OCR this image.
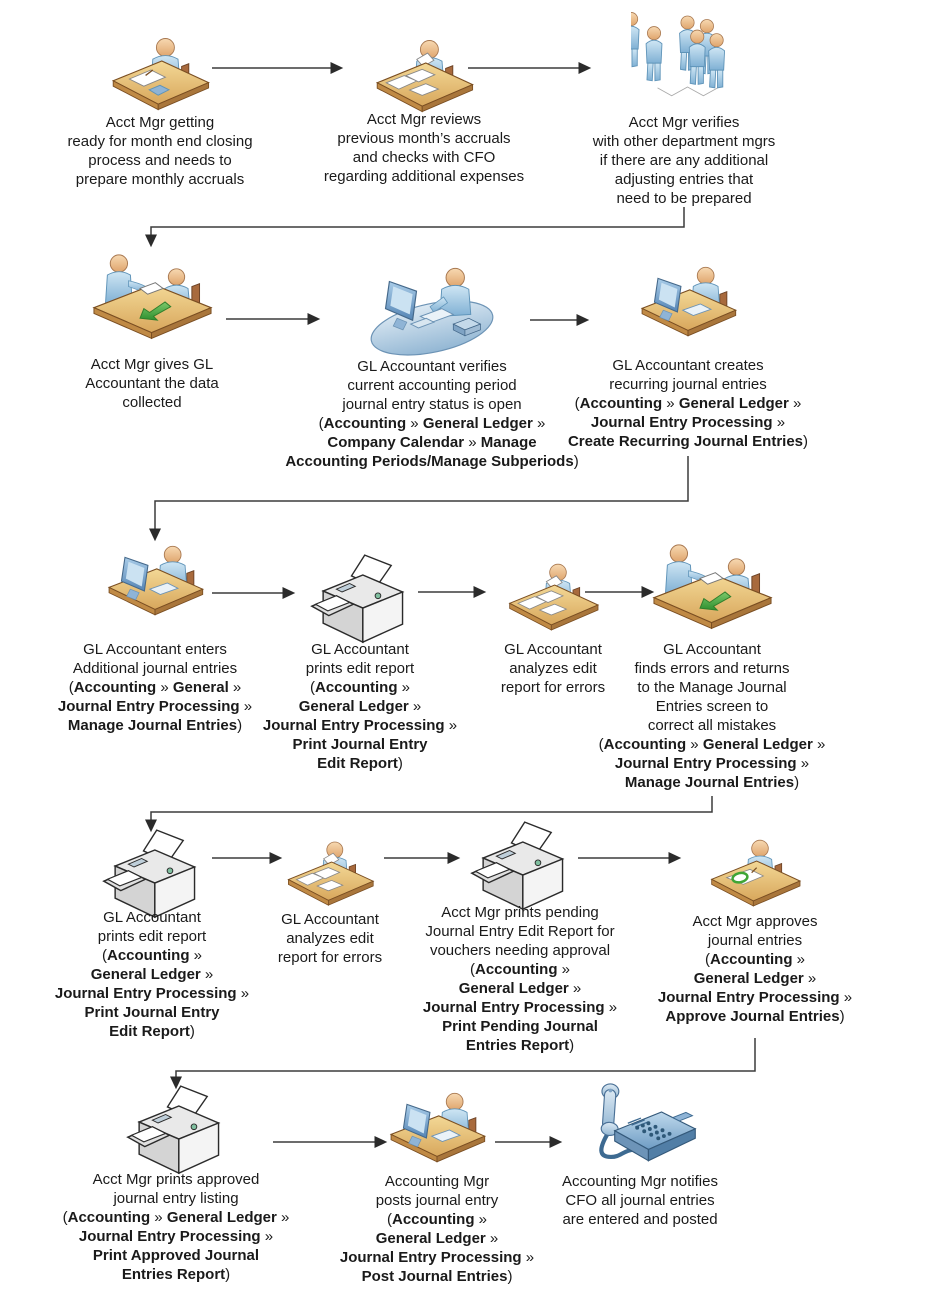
Acct Mgr getting
ready for month end closing
process and needs to
prepare monthly accruals
Acct Mgr reviews
previous month’s accruals
and checks with CFO
regarding additional expenses
Acct Mgr verifies
with other department mgrs
if there are any additional
adjusting entries that
need to be prepared
Acct Mgr gives GL
Accountant the data
collected
GL Accountant verifies
current accounting period
journal entry status is open
(Accounting » General Ledger »
Company Calendar » Manage
Accounting Periods/Manage Subperiods)
GL Accountant creates
recurring journal entries
(Accounting » General Ledger »
Journal Entry Processing »
Create Recurring Journal Entries)
GL Accountant enters
Additional journal entries
(Accounting » General »
Journal Entry Processing »
Manage Journal Entries)
GL Accountant
prints edit report
(Accounting »
General Ledger »
Journal Entry Processing »
Print Journal Entry
Edit Report)
GL Accountant
analyzes edit
report for errors
GL Accountant
finds errors and returns
to the Manage Journal
Entries screen to
correct all mistakes
(Accounting » General Ledger »
Journal Entry Processing »
Manage Journal Entries)
GL Accountant
prints edit report
(Accounting »
General Ledger »
Journal Entry Processing »
Print Journal Entry
Edit Report)
GL Accountant
analyzes edit
report for errors
Acct Mgr prints pending
Journal Entry Edit Report for
vouchers needing approval
(Accounting »
General Ledger »
Journal Entry Processing »
Print Pending Journal
Entries Report)
Acct Mgr approves
journal entries
(Accounting »
General Ledger »
Journal Entry Processing »
Approve Journal Entries)
Acct Mgr prints approved
journal entry listing
(Accounting » General Ledger »
Journal Entry Processing »
Print Approved Journal
Entries Report)
Accounting Mgr
posts journal entry
(Accounting »
General Ledger »
Journal Entry Processing »
Post Journal Entries)
Accounting Mgr notifies
CFO all journal entries
are entered and posted
